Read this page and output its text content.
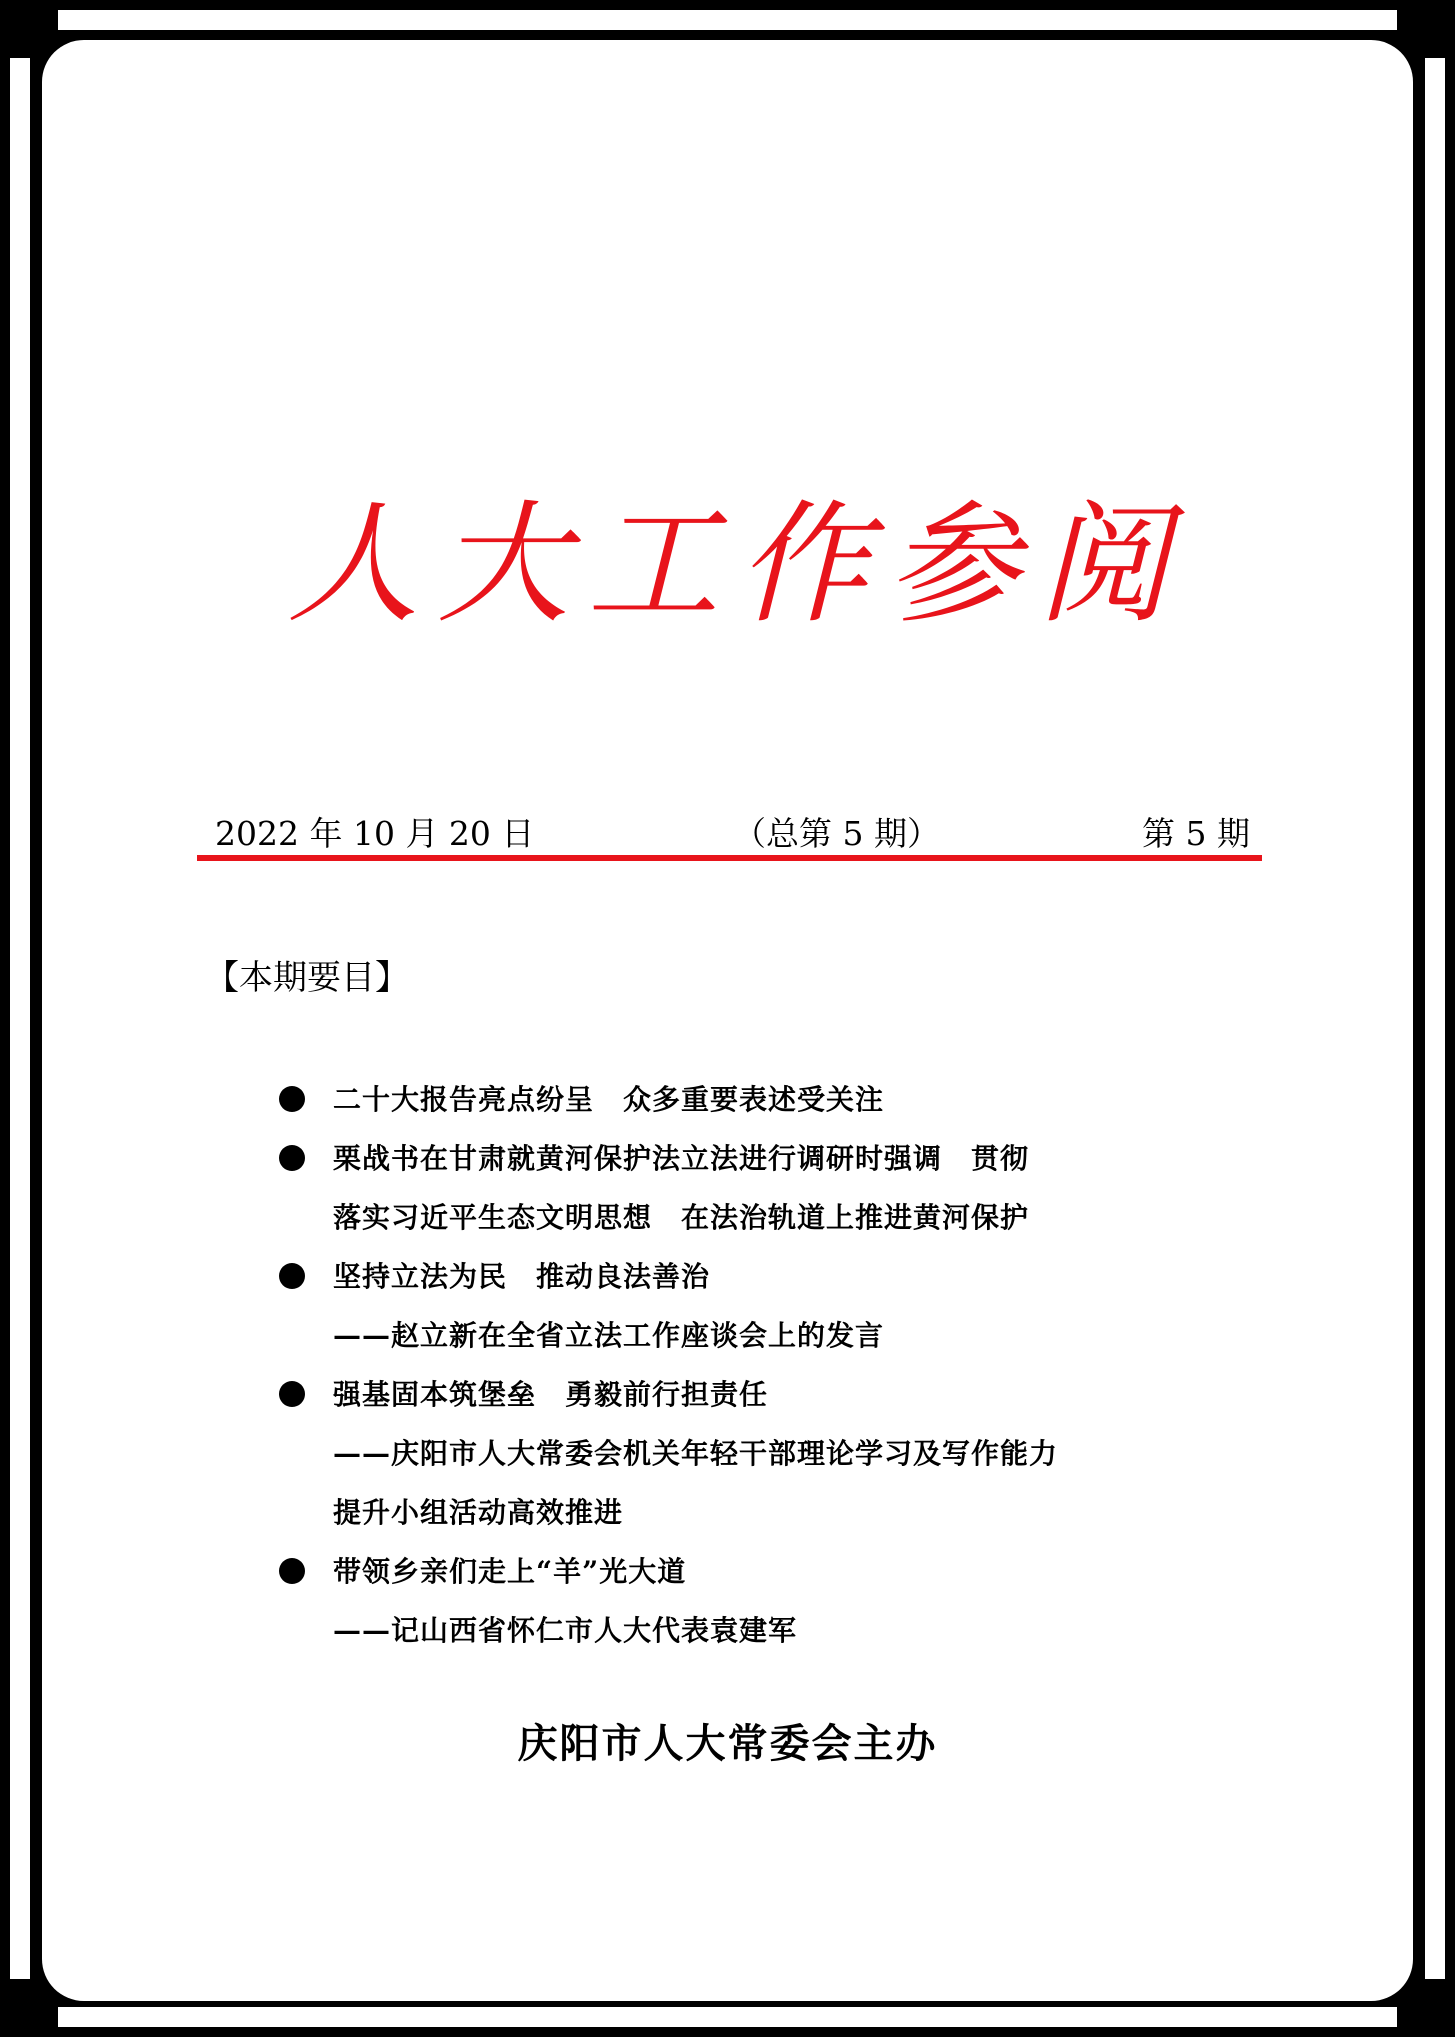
人大工作参阅
2022 年 10 月 20 日	（总第 5 期）	第 5 期
【本期要目】
二十大报告亮点纷呈　众多重要表述受关注
栗战书在甘肃就黄河保护法立法进行调研时强调　贯彻
落实习近平生态文明思想　在法治轨道上推进黄河保护
坚持立法为民　推动良法善治
——赵立新在全省立法工作座谈会上的发言
强基固本筑堡垒　勇毅前行担责任
——庆阳市人大常委会机关年轻干部理论学习及写作能力
提升小组活动高效推进
带领乡亲们走上“羊”光大道
——记山西省怀仁市人大代表袁建军
庆阳市人大常委会主办
